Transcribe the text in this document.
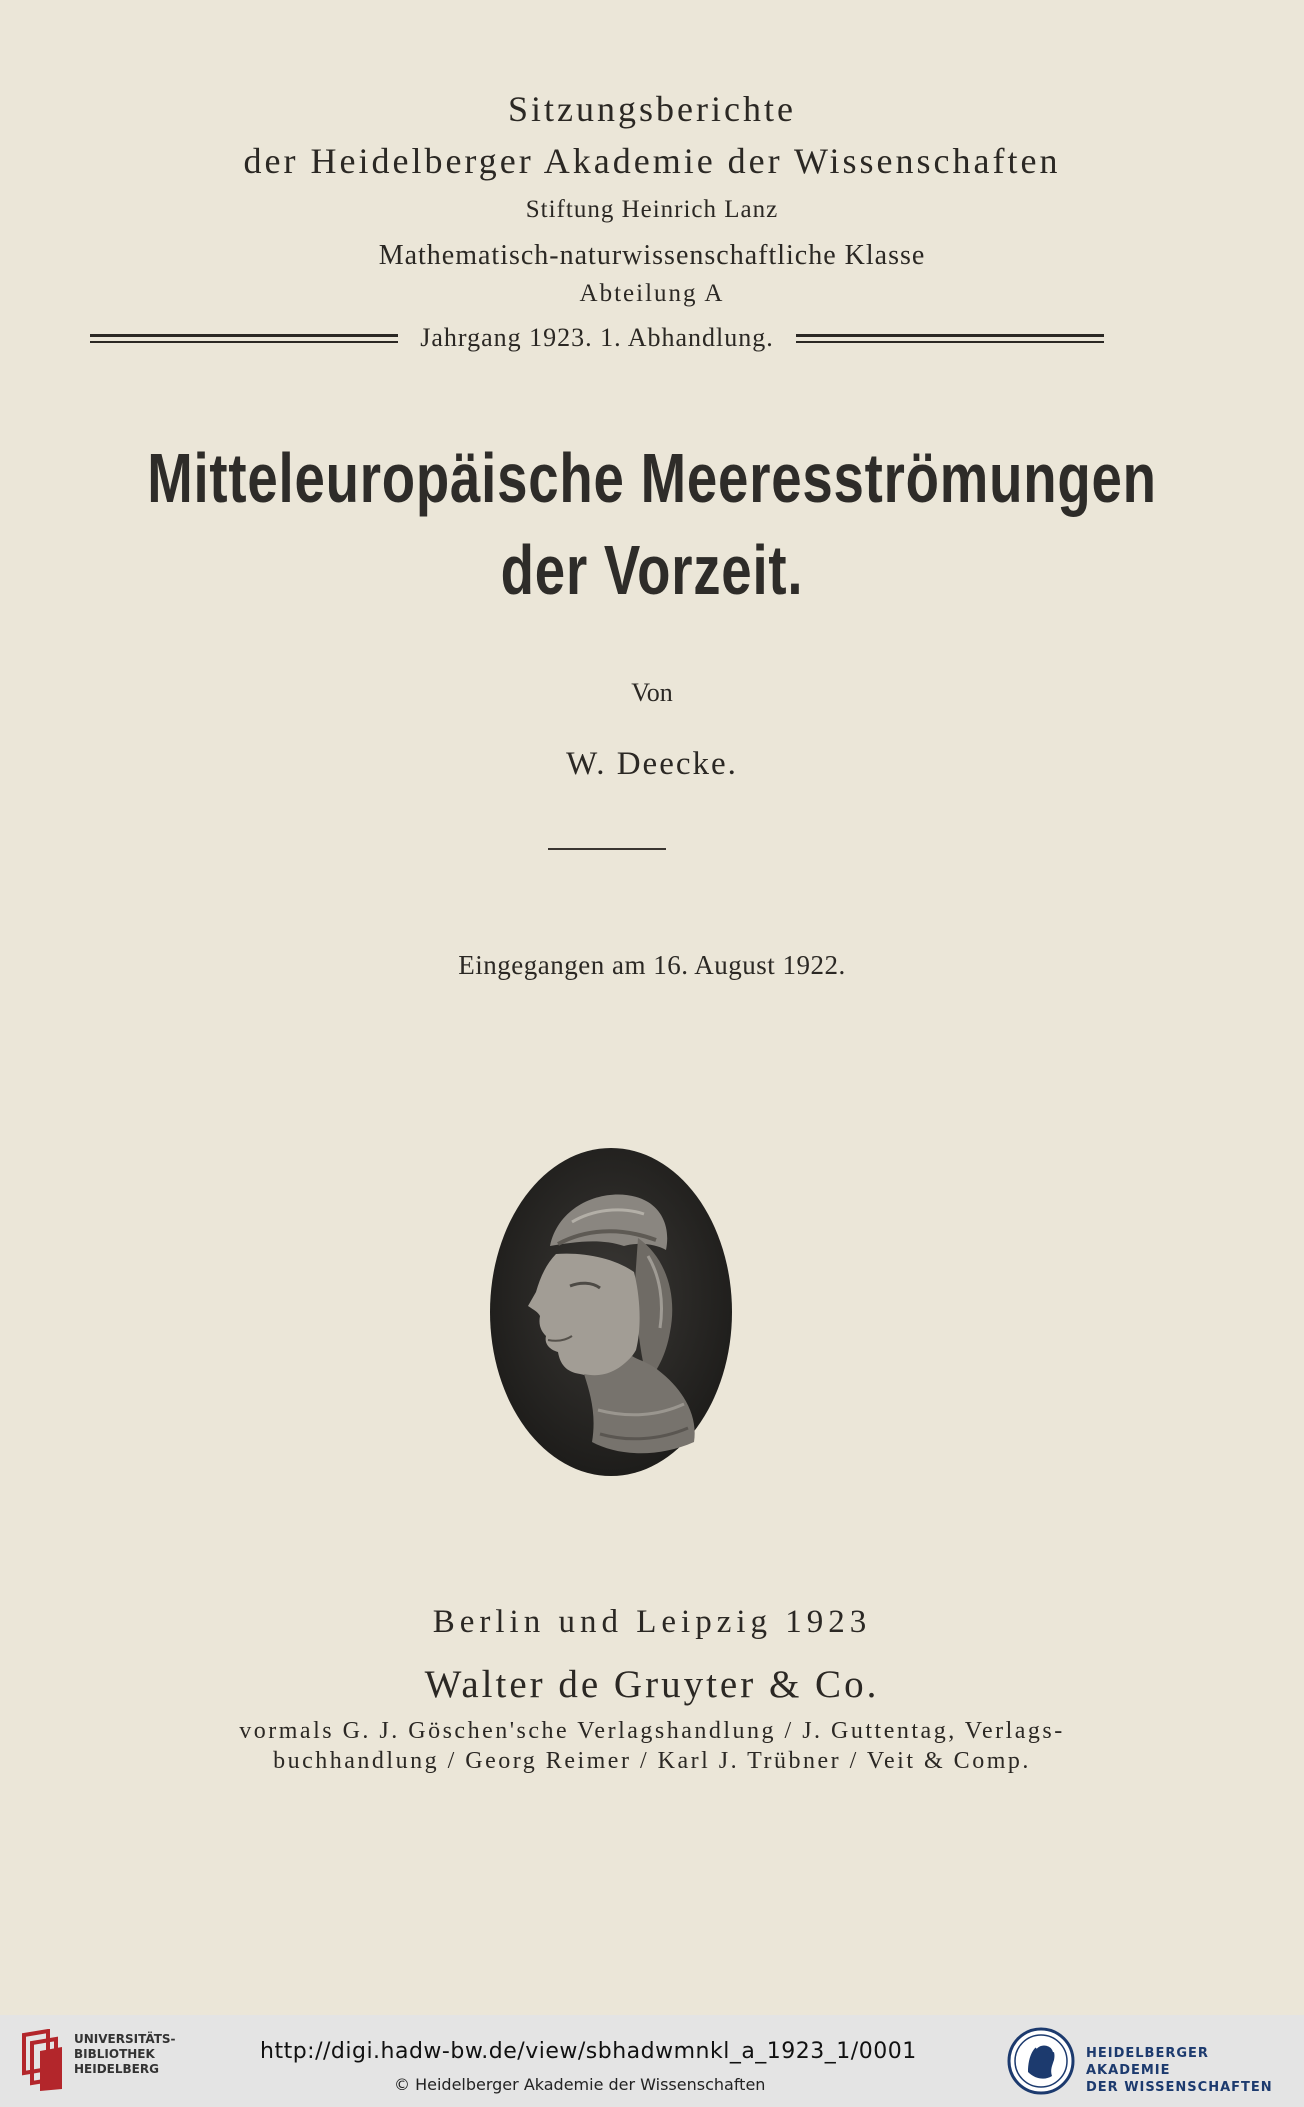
Sitzungsberichte
der Heidelberger Akademie der Wissenschaften
Stiftung Heinrich Lanz
Mathematisch-naturwissenschaftliche Klasse
Abteilung A
Jahrgang 1923. 1. Abhandlung.
Mitteleuropäische Meeresströmungen
der Vorzeit.
Von
W. Deecke.
Eingegangen am 16. August 1922.
Berlin und Leipzig 1923
Walter de Gruyter & Co.
vormals G. J. Göschen'sche Verlagshandlung / J. Guttentag, Verlags-
buchhandlung / Georg Reimer / Karl J. Trübner / Veit & Comp.

UNIVERSITÄTS-
BIBLIOTHEK
HEIDELBERG

http://digi.hadw-bw.de/view/sbhadwmnkl_a_1923_1/0001
© Heidelberger Akademie der Wissenschaften

HEIDELBERGER AKADEMIE
DER WISSENSCHAFTEN
